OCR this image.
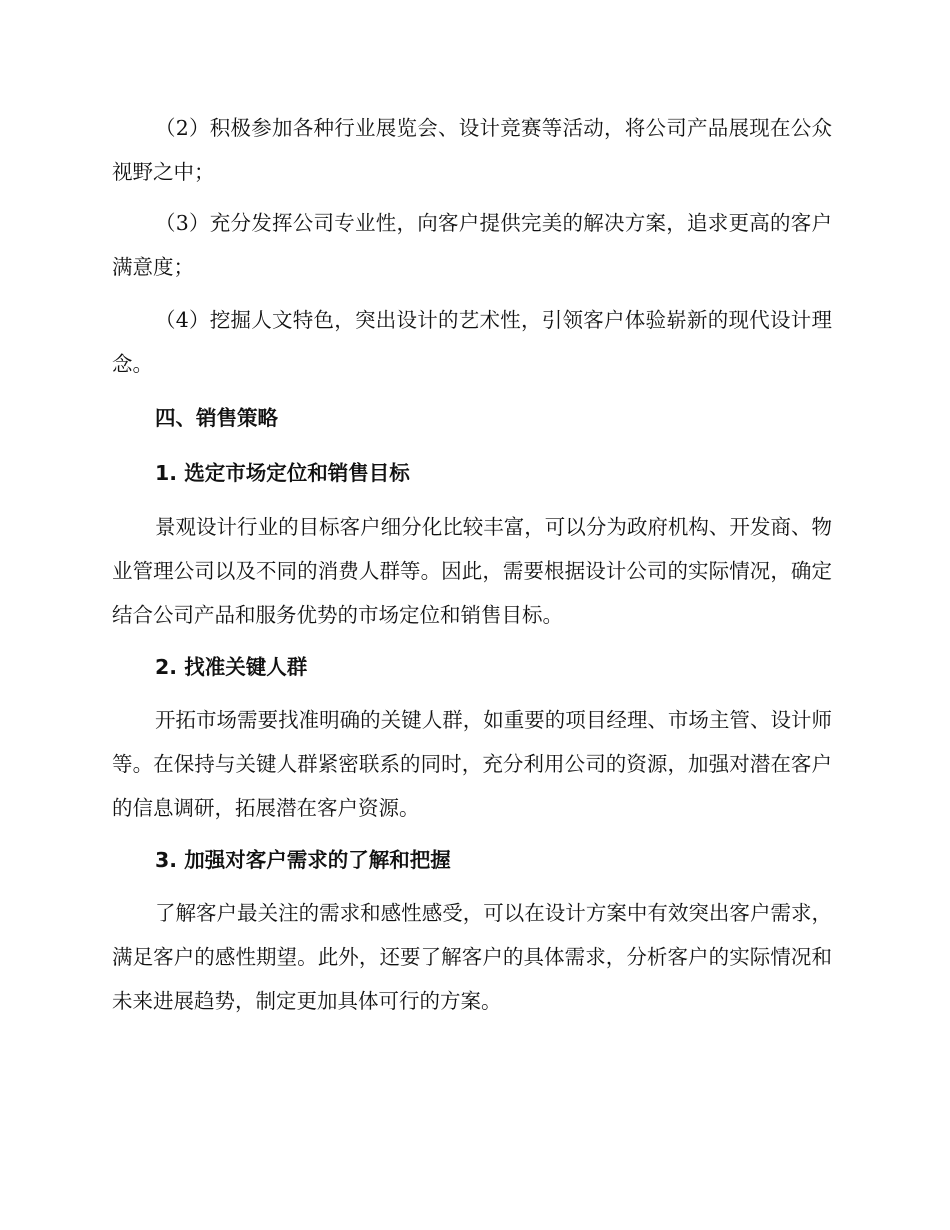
（2）积极参加各种行业展览会、设计竞赛等活动，将公司产品展现在公众视野之中；

（3）充分发挥公司专业性，向客户提供完美的解决方案，追求更高的客户满意度；

（4）挖掘人文特色，突出设计的艺术性，引领客户体验崭新的现代设计理念。

四、销售策略
1. 选定市场定位和销售目标

景观设计行业的目标客户细分化比较丰富，可以分为政府机构、开发商、物业管理公司以及不同的消费人群等。因此，需要根据设计公司的实际情况，确定结合公司产品和服务优势的市场定位和销售目标。

2. 找准关键人群

开拓市场需要找准明确的关键人群，如重要的项目经理、市场主管、设计师等。在保持与关键人群紧密联系的同时，充分利用公司的资源，加强对潜在客户的信息调研，拓展潜在客户资源。

3. 加强对客户需求的了解和把握

了解客户最关注的需求和感性感受，可以在设计方案中有效突出客户需求，满足客户的感性期望。此外，还要了解客户的具体需求，分析客户的实际情况和未来进展趋势，制定更加具体可行的方案。
